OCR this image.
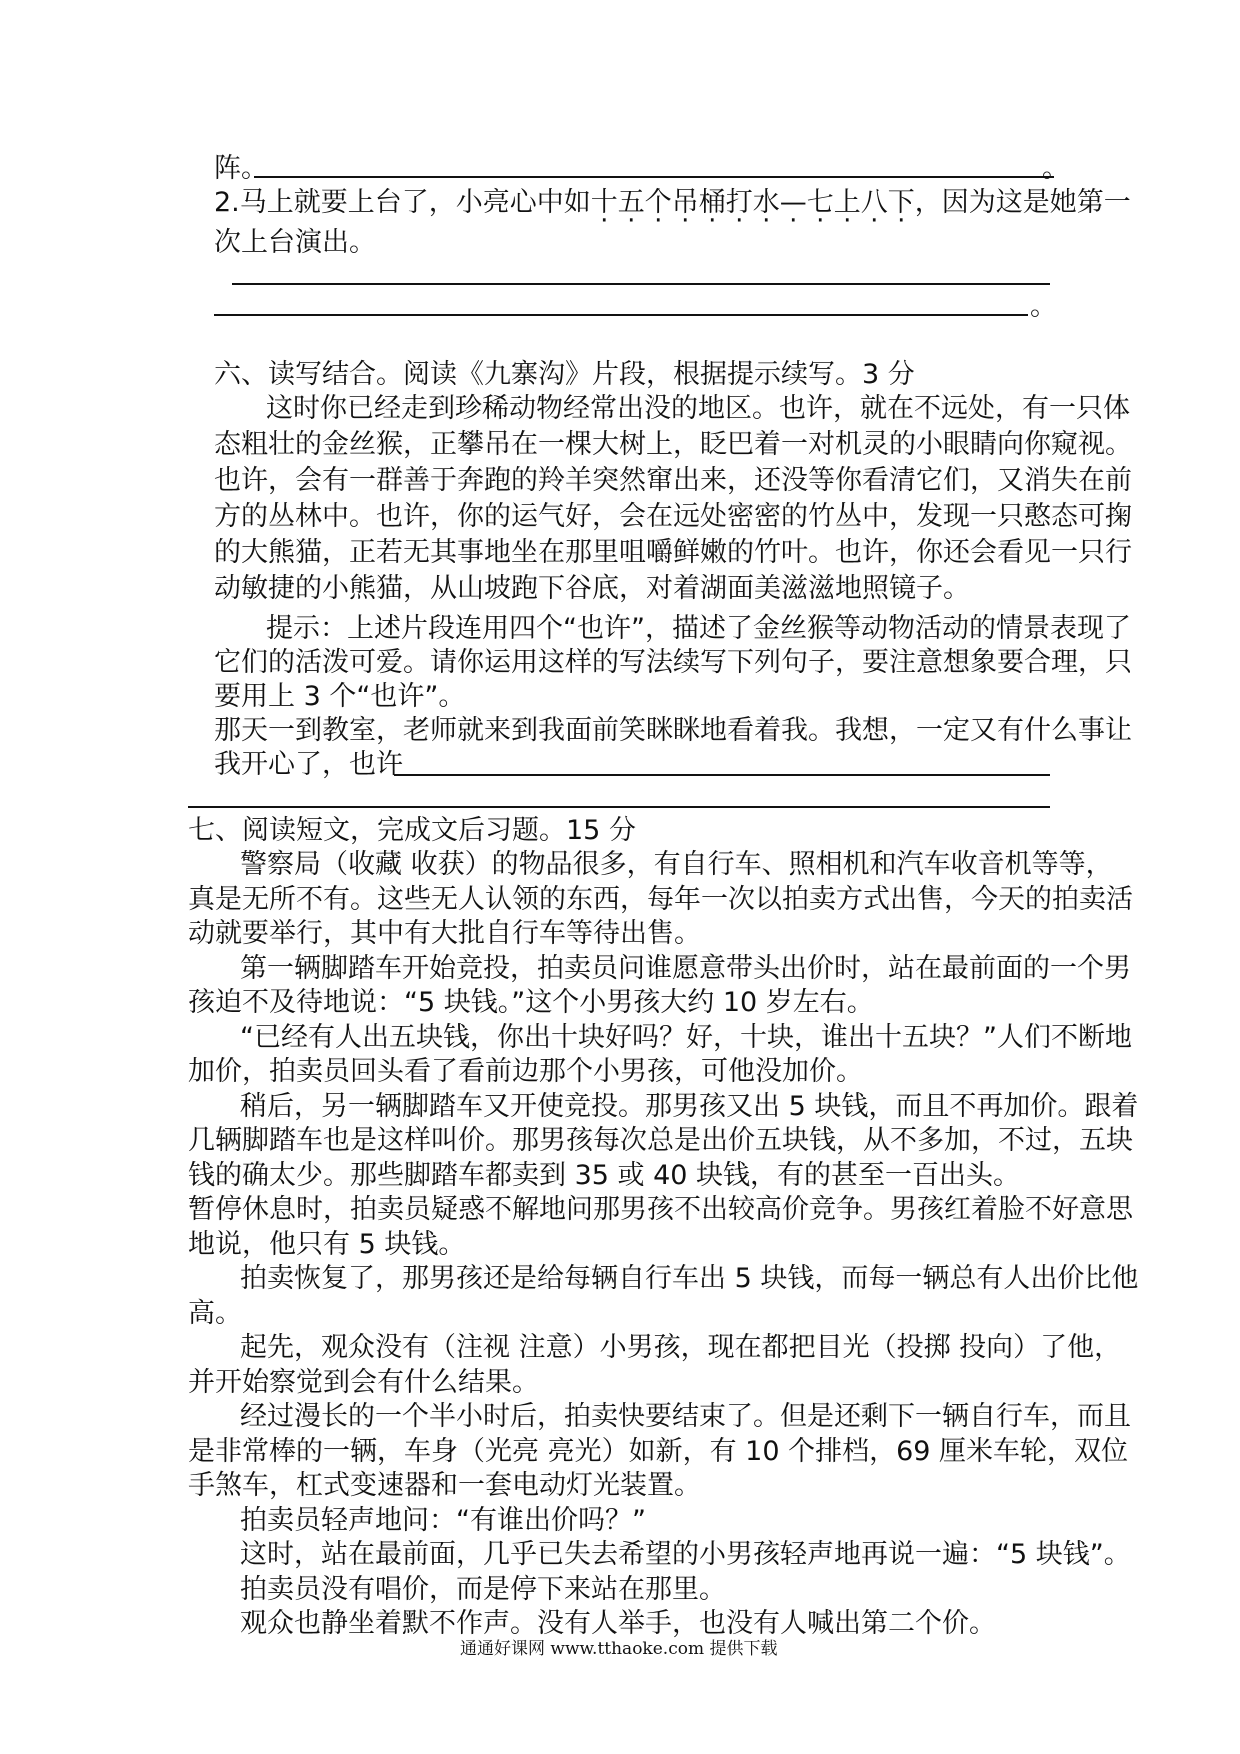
阵。	。
2.马上就要上台了，小亮心中如十五个吊桶打水— ·七上八下，因为这是她第一
次上台演出。
。
六、读写结合。阅读《九寨沟》片段，根据提示续写。3 分
这时你已经走到珍稀动物经常出没的地区。也许，就在不远处，有一只体
态粗壮的金丝猴，正攀吊在一棵大树上，眨巴着一对机灵的小眼睛向你窥视。
也许，会有一群善于奔跑的羚羊突然窜出来，还没等你看清它们，又消失在前
方的丛林中。也许，你的运气好，会在远处密密的竹丛中，发现一只憨态可掬
的大熊猫，正若无其事地坐在那里咀嚼鲜嫩的竹叶。也许，你还会看见一只行
动敏捷的小熊猫，从山坡跑下谷底，对着湖面美滋滋地照镜子。
提示：上述片段连用四个“也许”，描述了金丝猴等动物活动的情景表现了
它们的活泼可爱。请你运用这样的写法续写下列句子，要注意想象要合理，只
要用上 3 个“也许”。
那天一到教室，老师就来到我面前笑眯眯地看着我。我想，一定又有什么事让
我开心了，也许
七、阅读短文，完成文后习题。15 分
警察局（收藏 收获）的物品很多，有自行车、照相机和汽车收音机等等，
真是无所不有。这些无人认领的东西，每年一次以拍卖方式出售，今天的拍卖活
动就要举行，其中有大批自行车等待出售。
第一辆脚踏车开始竞投，拍卖员问谁愿意带头出价时，站在最前面的一个男
孩迫不及待地说：“5 块钱。”这个小男孩大约 10 岁左右。
“已经有人出五块钱，你出十块好吗？好，十块，谁出十五块？”人们不断地
加价，拍卖员回头看了看前边那个小男孩，可他没加价。
稍后，另一辆脚踏车又开使竞投。那男孩又出 5 块钱，而且不再加价。跟着
几辆脚踏车也是这样叫价。那男孩每次总是出价五块钱，从不多加，不过，五块
钱的确太少。那些脚踏车都卖到 35 或 40 块钱，有的甚至一百出头。
暂停休息时，拍卖员疑惑不解地问那男孩不出较高价竞争。男孩红着脸不好意思
地说，他只有 5 块钱。
拍卖恢复了，那男孩还是给每辆自行车出 5 块钱，而每一辆总有人出价比他
高。
起先，观众没有（注视 注意）小男孩，现在都把目光（投掷 投向）了他，
并开始察觉到会有什么结果。
经过漫长的一个半小时后，拍卖快要结束了。但是还剩下一辆自行车，而且
是非常棒的一辆，车身（光亮 亮光）如新，有 10 个排档，69 厘米车轮，双位
手煞车，杠式变速器和一套电动灯光装置。
拍卖员轻声地问：“有谁出价吗？”
这时，站在最前面，几乎已失去希望的小男孩轻声地再说一遍：“5 块钱”。
拍卖员没有唱价，而是停下来站在那里。
观众也静坐着默不作声。没有人举手，也没有人喊出第二个价。
通通好课网 www.tthaoke.com 提供下载
